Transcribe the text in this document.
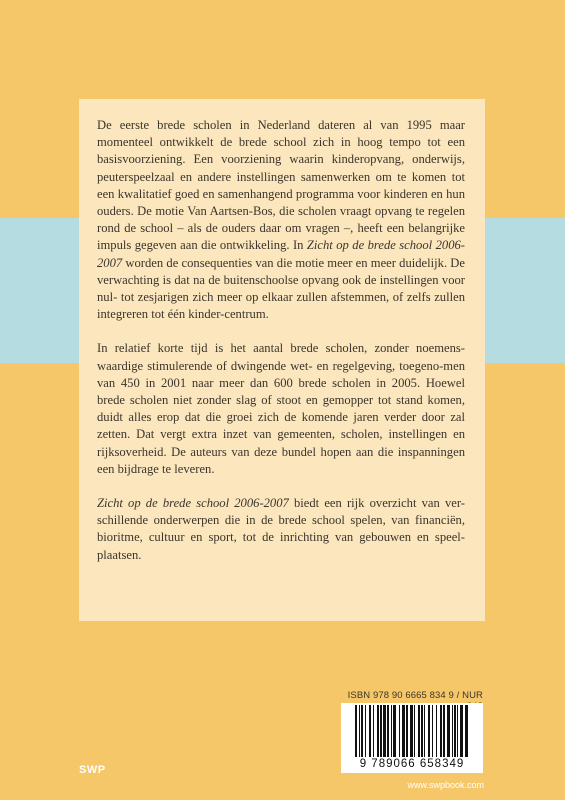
De eerste brede scholen in Nederland dateren al van 1995 maar momenteel ontwikkelt de brede school zich in hoog tempo tot een basisvoorziening. Een voorziening waarin kinderopvang, onderwijs, peuterspeelzaal en andere instellingen samenwerken om te komen tot een kwalitatief goed en samenhangend programma voor kinderen en hun ouders. De motie Van Aartsen-Bos, die scholen vraagt opvang te regelen rond de school – als de ouders daar om vragen –, heeft een belangrijke impuls gegeven aan die ontwikkeling. In Zicht op de brede school 2006-2007 worden de consequenties van die motie meer en meer duidelijk. De verwachting is dat na de buitenschoolse opvang ook de instellingen voor nul- tot zesjarigen zich meer op elkaar zullen afstemmen, of zelfs zullen integreren tot één kinder-centrum.

In relatief korte tijd is het aantal brede scholen, zonder noemens-waardige stimulerende of dwingende wet- en regelgeving, toegeno-men van 450 in 2001 naar meer dan 600 brede scholen in 2005. Hoewel brede scholen niet zonder slag of stoot en gemopper tot stand komen, duidt alles erop dat die groei zich de komende jaren verder door zal zetten. Dat vergt extra inzet van gemeenten, scholen, instellingen en rijksoverheid. De auteurs van deze bundel hopen aan die inspanningen een bijdrage te leveren.

Zicht op de brede school 2006-2007 biedt een rijk overzicht van ver-schillende onderwerpen die in de brede school spelen, van financiën, bioritme, cultuur en sport, tot de inrichting van gebouwen en speel-plaatsen.

ISBN 978 90 6665 834 9 / NUR
9 789066 658349
SWP
www.swpbook.com
